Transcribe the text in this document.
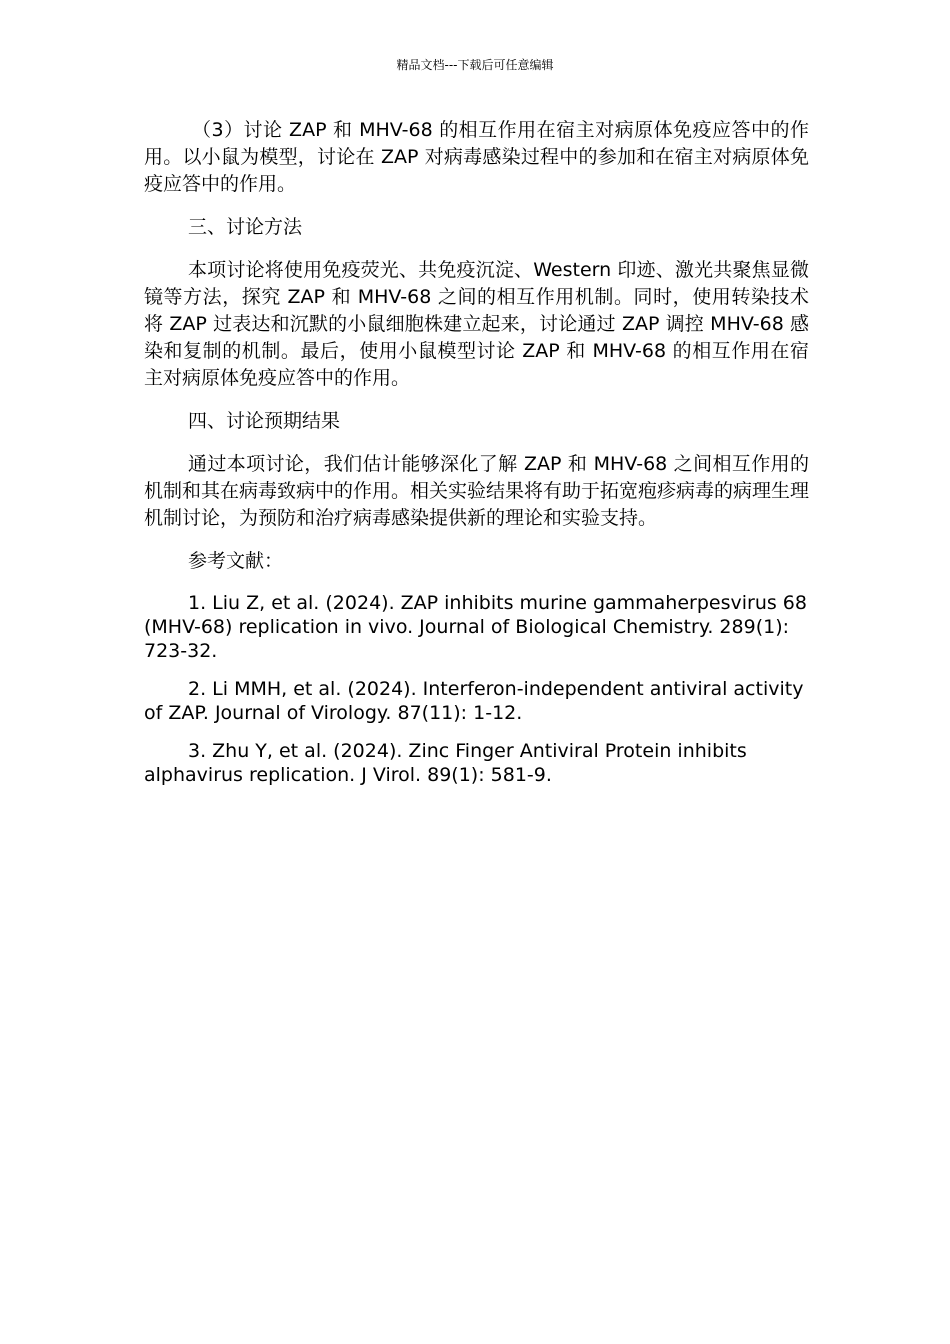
精品文档---下载后可任意编辑

（3）讨论 ZAP 和 MHV-68 的相互作用在宿主对病原体免疫应答中的作用。以小鼠为模型，讨论在 ZAP 对病毒感染过程中的参加和在宿主对病原体免疫应答中的作用。

三、讨论方法

本项讨论将使用免疫荧光、共免疫沉淀、Western 印迹、激光共聚焦显微镜等方法，探究 ZAP 和 MHV-68 之间的相互作用机制。同时，使用转染技术将 ZAP 过表达和沉默的小鼠细胞株建立起来，讨论通过 ZAP 调控 MHV-68 感染和复制的机制。最后，使用小鼠模型讨论 ZAP 和 MHV-68 的相互作用在宿主对病原体免疫应答中的作用。

四、讨论预期结果

通过本项讨论，我们估计能够深化了解 ZAP 和 MHV-68 之间相互作用的机制和其在病毒致病中的作用。相关实验结果将有助于拓宽疱疹病毒的病理生理机制讨论，为预防和治疗病毒感染提供新的理论和实验支持。

参考文献：

1. Liu Z, et al. (2024). ZAP inhibits murine gammaherpesvirus 68 (MHV-68) replication in vivo. Journal of Biological Chemistry. 289(1): 723-32.

2. Li MMH, et al. (2024). Interferon-independent antiviral activity of ZAP. Journal of Virology. 87(11): 1-12.

3. Zhu Y, et al. (2024). Zinc Finger Antiviral Protein inhibits alphavirus replication. J Virol. 89(1): 581-9.
